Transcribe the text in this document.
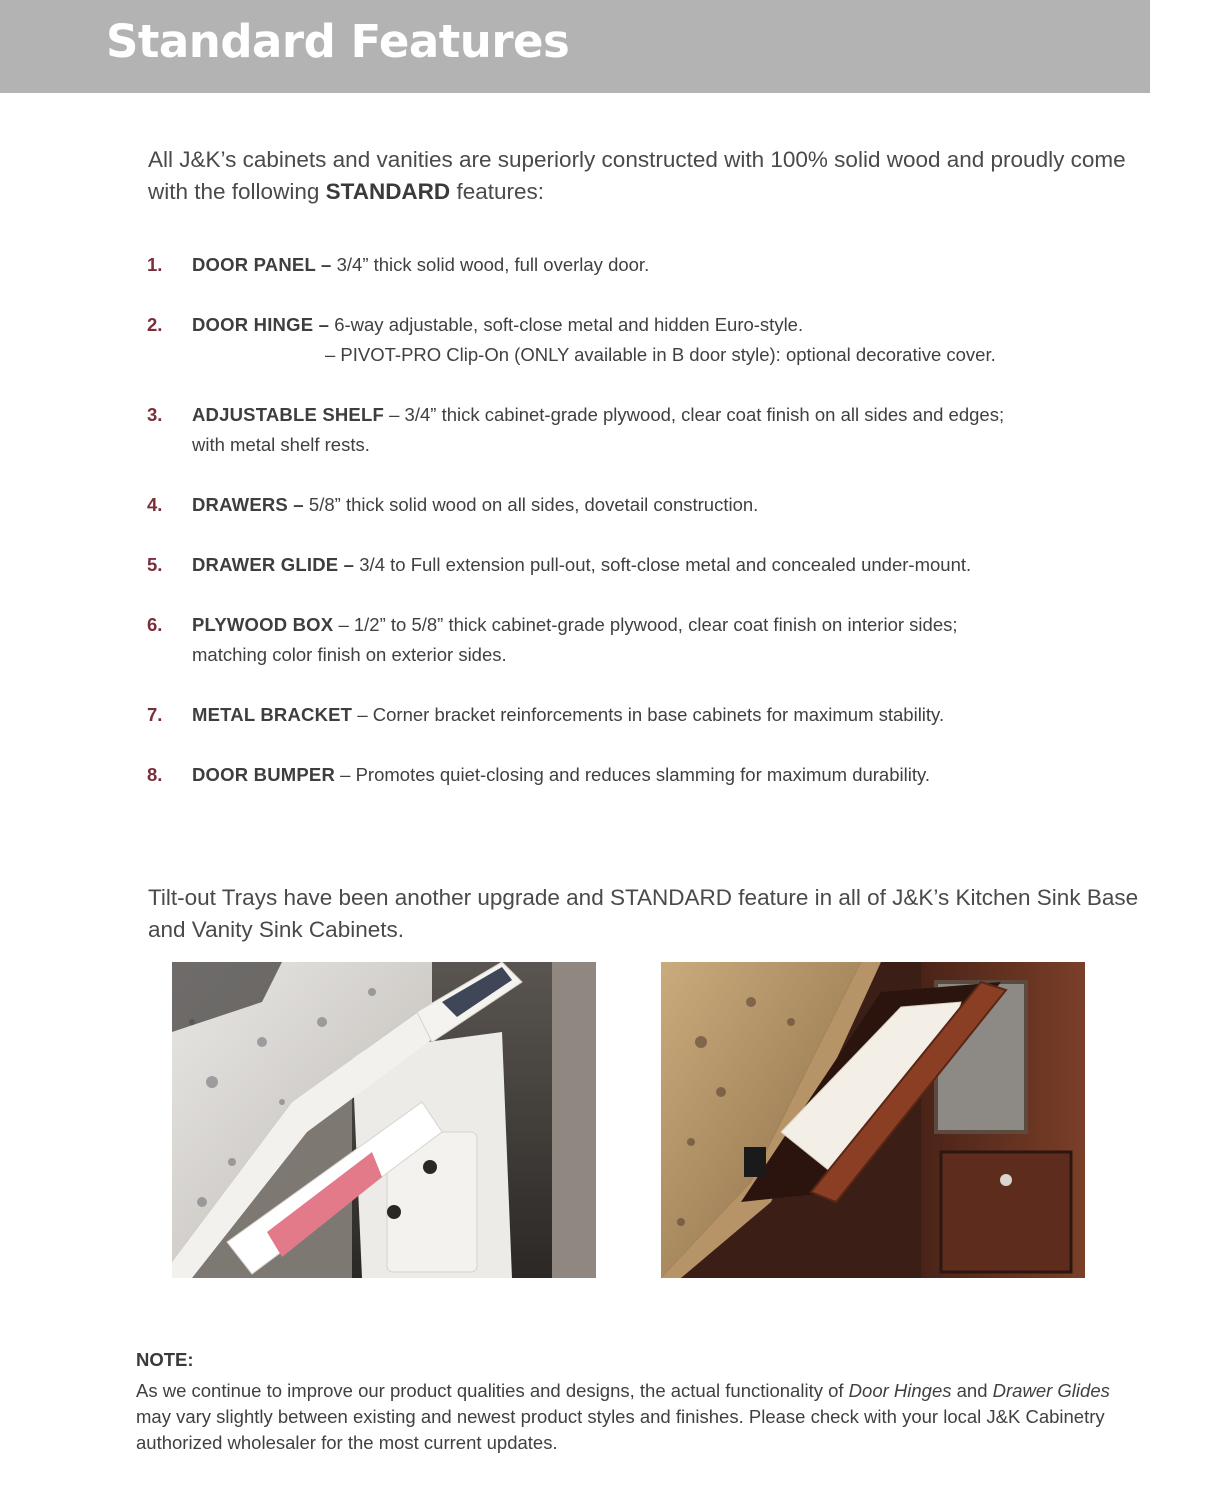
Standard Features

All J&K’s cabinets and vanities are superiorly constructed with 100% solid wood and proudly come with the following STANDARD features:

1. DOOR PANEL – 3/4” thick solid wood, full overlay door.
2. DOOR HINGE – 6-way adjustable, soft-close metal and hidden Euro-style.
– PIVOT-PRO Clip-On (ONLY available in B door style): optional decorative cover.
3. ADJUSTABLE SHELF – 3/4” thick cabinet-grade plywood, clear coat finish on all sides and edges;
with metal shelf rests.
4. DRAWERS – 5/8” thick solid wood on all sides, dovetail construction.
5. DRAWER GLIDE – 3/4 to Full extension pull-out, soft-close metal and concealed under-mount.
6. PLYWOOD BOX – 1/2” to 5/8” thick cabinet-grade plywood, clear coat finish on interior sides;
matching color finish on exterior sides.
7. METAL BRACKET – Corner bracket reinforcements in base cabinets for maximum stability.
8. DOOR BUMPER – Promotes quiet-closing and reduces slamming for maximum durability.

Tilt-out Trays have been another upgrade and STANDARD feature in all of J&K’s Kitchen Sink Base and Vanity Sink Cabinets.

NOTE:

As we continue to improve our product qualities and designs, the actual functionality of Door Hinges and Drawer Glides may vary slightly between existing and newest product styles and finishes. Please check with your local J&K Cabinetry authorized wholesaler for the most current updates.
